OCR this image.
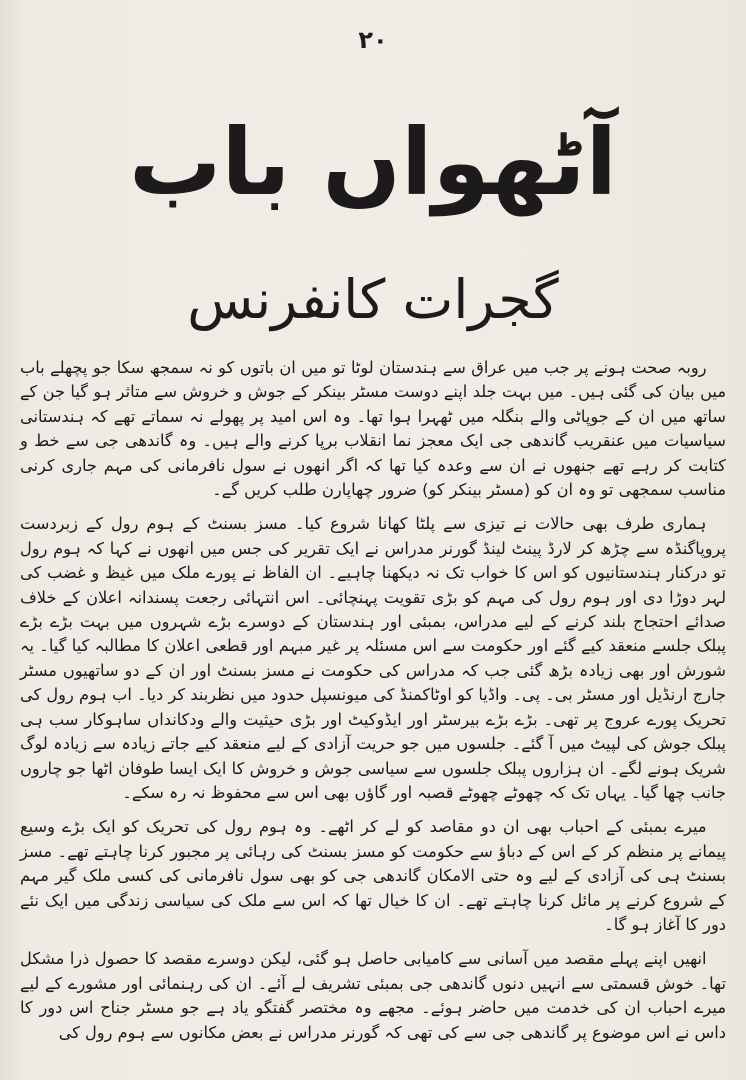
۲۰
آٹھواں باب
گجرات کانفرنس

روبہ صحت ہونے پر جب میں عراق سے ہندستان لوٹا تو میں ان باتوں کو نہ سمجھ سکا جو پچھلے باب میں بیان کی گئی ہیں۔ میں بہت جلد اپنے دوست مسٹر بینکر کے جوش و خروش سے متاثر ہو گیا جن کے ساتھ میں ان کے جوپاٹی والے بنگلہ میں ٹھہرا ہوا تھا۔ وہ اس امید پر پھولے نہ سماتے تھے کہ ہندستانی سیاسیات میں عنقریب گاندھی جی ایک معجز نما انقلاب برپا کرنے والے ہیں۔ وہ گاندھی جی سے خط و کتابت کر رہے تھے جنھوں نے ان سے وعدہ کیا تھا کہ اگر انھوں نے سول نافرمانی کی مہم جاری کرنی مناسب سمجھی تو وہ ان کو (مسٹر بینکر کو) ضرور چھاپارن طلب کریں گے۔

ہماری طرف بھی حالات نے تیزی سے پلٹا کھانا شروع کیا۔ مسز بسنٹ کے ہوم رول کے زبردست پروپاگنڈہ سے چڑھ کر لارڈ پینٹ لینڈ گورنر مدراس نے ایک تقریر کی جس میں انھوں نے کہا کہ ہوم رول تو درکنار ہندستانیوں کو اس کا خواب تک نہ دیکھنا چاہیے۔ ان الفاظ نے پورے ملک میں غیظ و غضب کی لہر دوڑا دی اور ہوم رول کی مہم کو بڑی تقویت پہنچائی۔ اس انتہائی رجعت پسندانہ اعلان کے خلاف صدائے احتجاج بلند کرنے کے لیے مدراس، بمبئی اور ہندستان کے دوسرے بڑے شہروں میں بہت بڑے بڑے پبلک جلسے منعقد کیے گئے اور حکومت سے اس مسئلہ پر غیر مبہم اور قطعی اعلان کا مطالبہ کیا گیا۔ یہ شورش اور بھی زیادہ بڑھ گئی جب کہ مدراس کی حکومت نے مسز بسنٹ اور ان کے دو ساتھیوں مسٹر جارج ارنڈیل اور مسٹر بی۔ پی۔ واڈیا کو اوٹاکمنڈ کی میونسپل حدود میں نظربند کر دیا۔ اب ہوم رول کی تحریک پورے عروج پر تھی۔ بڑے بڑے بیرسٹر اور ایڈوکیٹ اور بڑی حیثیت والے ودکانداں ساہوکار سب ہی پبلک جوش کی لپیٹ میں آ گئے۔ جلسوں میں جو حریت آزادی کے لیے منعقد کیے جاتے زیادہ سے زیادہ لوگ شریک ہونے لگے۔ ان ہزاروں پبلک جلسوں سے سیاسی جوش و خروش کا ایک ایسا طوفان اٹھا جو چاروں جانب چھا گیا۔ یہاں تک کہ چھوٹے چھوٹے قصبہ اور گاؤں بھی اس سے محفوظ نہ رہ سکے۔

میرے بمبئی کے احباب بھی ان دو مقاصد کو لے کر اٹھے۔ وہ ہوم رول کی تحریک کو ایک بڑے وسیع پیمانے پر منظم کر کے اس کے دباؤ سے حکومت کو مسز بسنٹ کی رہائی پر مجبور کرنا چاہتے تھے۔ مسز بسنٹ ہی کی آزادی کے لیے وہ حتی الامکان گاندھی جی کو بھی سول نافرمانی کی کسی ملک گیر مہم کے شروع کرنے پر مائل کرنا چاہتے تھے۔ ان کا خیال تھا کہ اس سے ملک کی سیاسی زندگی میں ایک نئے دور کا آغاز ہو گا۔

انھیں اپنے پہلے مقصد میں آسانی سے کامیابی حاصل ہو گئی، لیکن دوسرے مقصد کا حصول ذرا مشکل تھا۔ خوش قسمتی سے انہیں دنوں گاندھی جی بمبئی تشریف لے آئے۔ ان کی رہنمائی اور مشورے کے لیے میرے احباب ان کی خدمت میں حاضر ہوئے۔ مجھے وہ مختصر گفتگو یاد ہے جو مسٹر جناح اس دور کا داس نے اس موضوع پر گاندھی جی سے کی تھی کہ گورنر مدراس نے بعض مکانوں سے ہوم رول کی
